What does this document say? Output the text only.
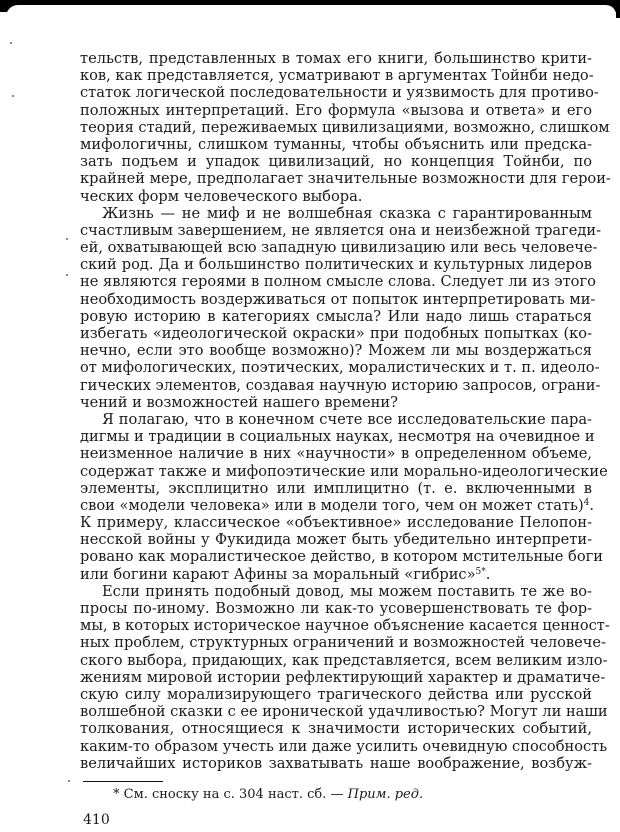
тельств, представленных в томах его книги, большинство крити-
ков, как представляется, усматривают в аргументах Тойнби недо-
статок логической последовательности и уязвимость для противо-
положных интерпретаций. Его формула «вызова и ответа» и его
теория стадий, переживаемых цивилизациями, возможно, слишком
мифологичны, слишком туманны, чтобы объяснить или предска-
зать подъем и упадок цивилизаций, но концепция Тойнби, по
крайней мере, предполагает значительные возможности для герои-
ческих форм человеческого выбора.
Жизнь — не миф и не волшебная сказка с гарантированным
счастливым завершением, не является она и неизбежной трагеди-
ей, охватывающей всю западную цивилизацию или весь человече-
ский род. Да и большинство политических и культурных лидеров
не являются героями в полном смысле слова. Следует ли из этого
необходимость воздерживаться от попыток интерпретировать ми-
ровую историю в категориях смысла? Или надо лишь стараться
избегать «идеологической окраски» при подобных попытках (ко-
нечно, если это вообще возможно)? Можем ли мы воздержаться
от мифологических, поэтических, моралистических и т. п. идеоло-
гических элементов, создавая научную историю запросов, ограни-
чений и возможностей нашего времени?
Я полагаю, что в конечном счете все исследовательские пара-
дигмы и традиции в социальных науках, несмотря на очевидное и
неизменное наличие в них «научности» в определенном объеме,
содержат также и мифопоэтические или морально-идеологические
элементы, эксплицитно или имплицитно (т. е. включенными в
свои «модели человека» или в модели того, чем он может стать)$^4$.
К примеру, классическое «объективное» исследование Пелопон-
несской войны у Фукидида может быть убедительно интерпрети-
ровано как моралистическое действо, в котором мстительные боги
или богини карают Афины за моральный «гибрис»$^{5*}$.
Если принять подобный довод, мы можем поставить те же во-
просы по-иному. Возможно ли как-то усовершенствовать те фор-
мы, в которых историческое научное объяснение касается ценност-
ных проблем, структурных ограничений и возможностей человече-
ского выбора, придающих, как представляется, всем великим изло-
жениям мировой истории рефлектирующий характер и драматиче-
скую силу морализирующего трагического действа или русской
волшебной сказки с ее иронической удачливостью? Могут ли наши
толкования, относящиеся к значимости исторических событий,
каким-то образом учесть или даже усилить очевидную способность
величайших историков захватывать наше воображение, возбуж-
* См. сноску на с. 304 наст. сб. — Прим. ред.
410
